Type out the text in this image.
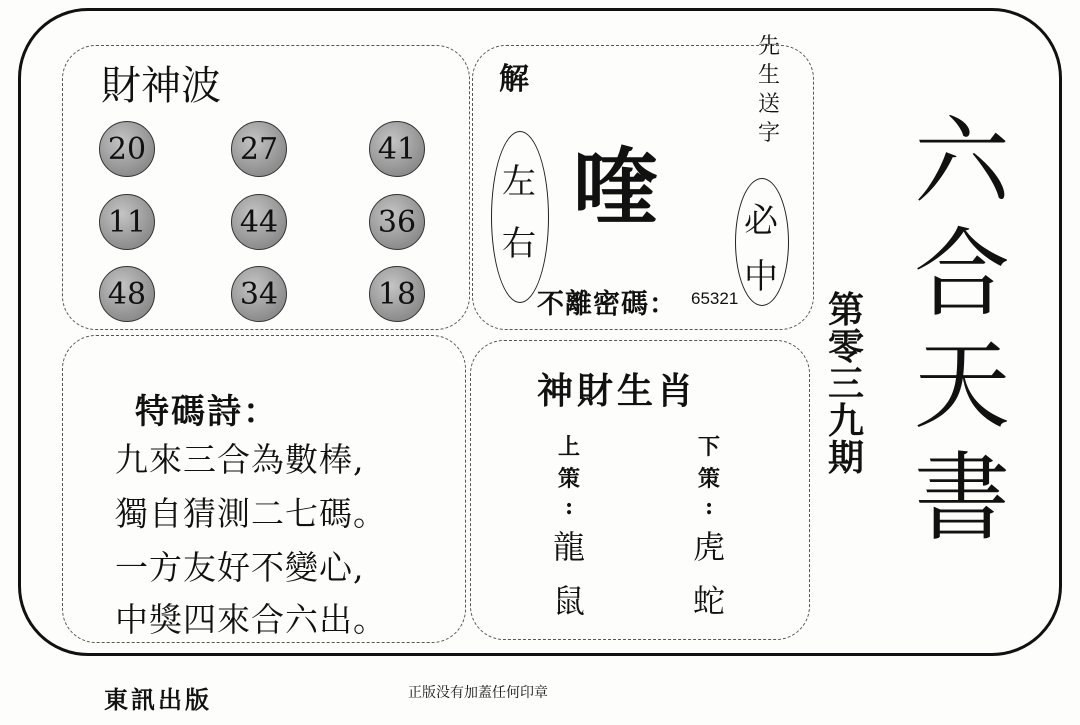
財神波
20	27	41
11	44	36
48	34	18
解
左
右
喹
先
生
送
字
必
中
不離密碼： 65321
特碼詩：
九來三合為數棒,
獨自猜測二七碼。
一方友好不變心,
中獎四來合六出。
神財生肖
上
策
:
龍
鼠
下
策
:
虎
蛇
第
零
三
九
期
六
合
天
書
東訊出版	正版没有加蓋任何印章
